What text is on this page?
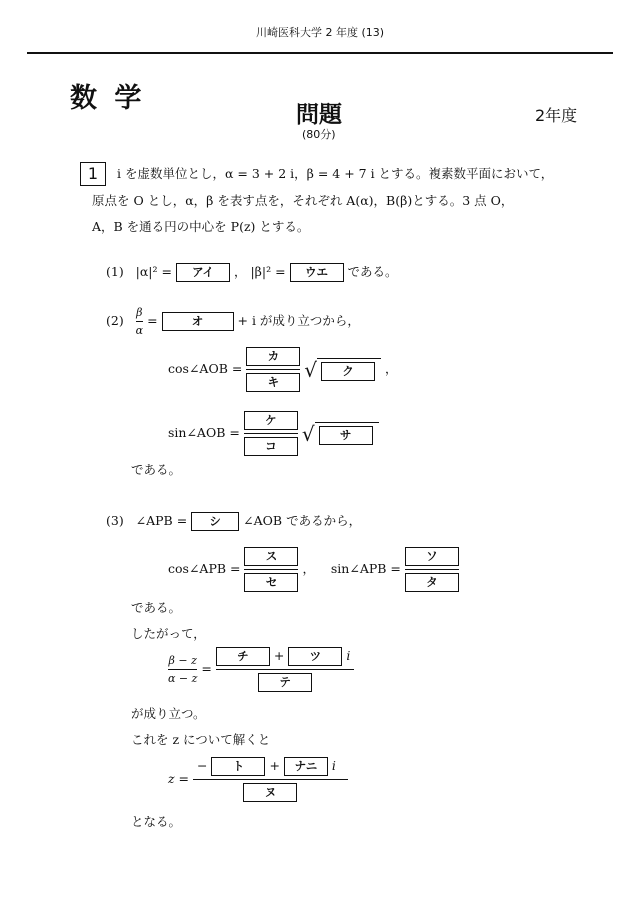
川崎医科大学 2 年度 (13)
数 学
問題
(80分)
2年度
1	i を虚数単位とし，α = 3 + 2 i，β = 4 + 7 i とする。複素数平面において，
原点を O とし，α，β を表す点を，それぞれ A(α)，B(β)とする。3 点 O，
A，B を通る円の中心を P(z) とする。
(1) |α|² = アイ ， |β|² = ウエ である。
$(2) \frac{\beta}{\alpha}$ =	オ	+ i が成り立つから，
cos∠AOB = $\frac{\text{カ}}{\text{キ}}$ √ ク ，
sin∠AOB = $\frac{\text{ケ}}{\text{コ}}$ √ サ
である。
(3) ∠APB = シ ∠AOB であるから，
cos∠APB = $\frac{\text{ス}}{\text{セ}}$ ， sin∠APB = $\frac{\text{ソ}}{\text{タ}}$
である。
したがって，
$\frac{\beta - z}{\alpha - z} = \frac{\text{チ + ツ i}}{\text{テ}}$
が成り立つ。
これを z について解くと
$z = \frac{\text{− ト + ナニ i}}{\text{ヌ}}$
となる。
